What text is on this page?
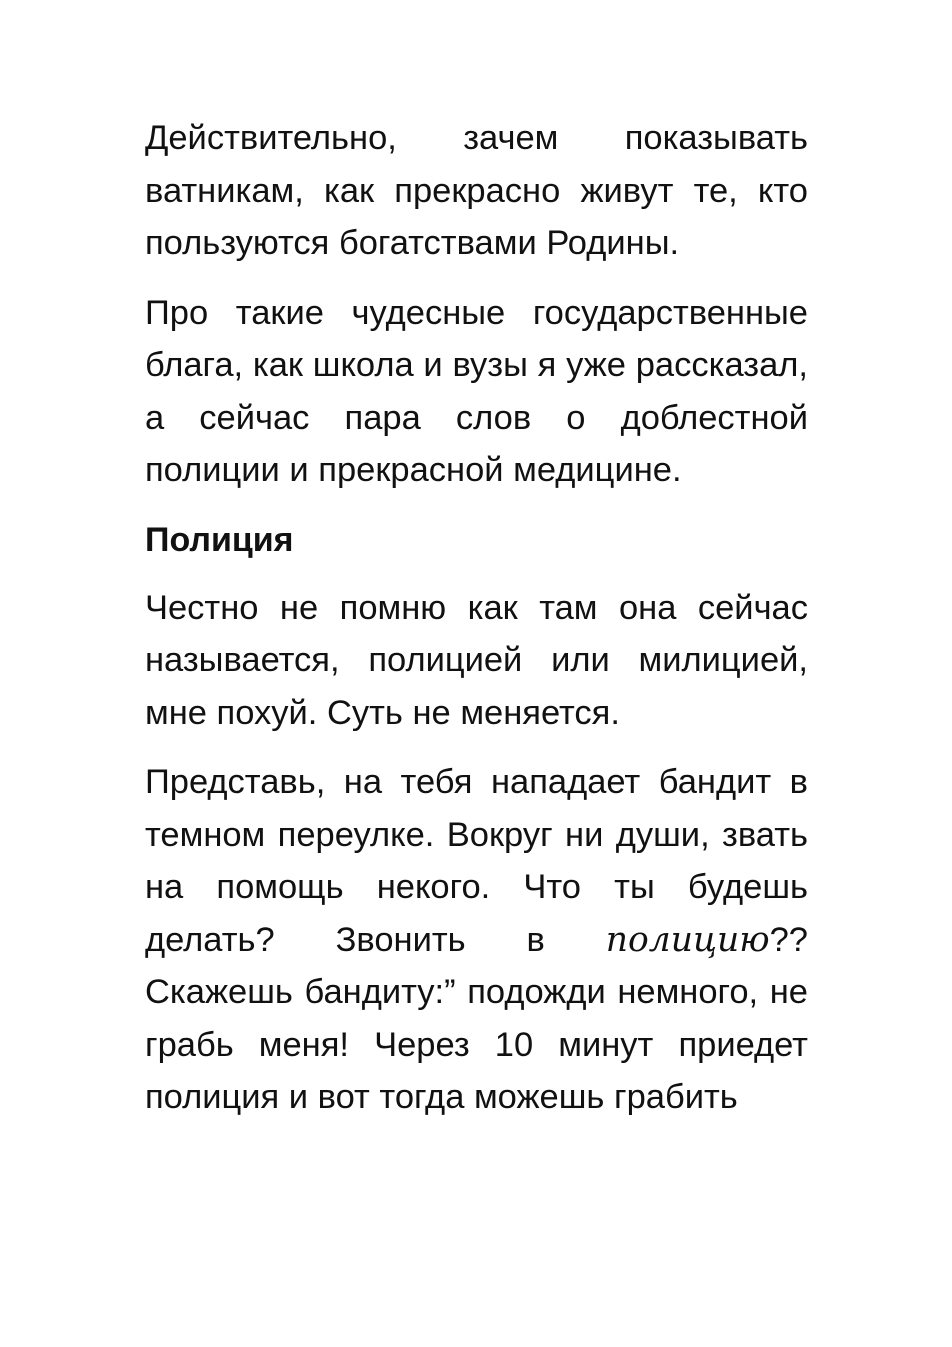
Действительно, зачем показывать ватникам, как прекрасно живут те, кто пользуются богатствами Родины.

Про такие чудесные государственные блага, как школа и вузы я уже рассказал, а сейчас пара слов о доблестной полиции и прекрасной медицине.

Полиция

Честно не помню как там она сейчас называется, полицией или милицией, мне похуй. Суть не меняется.

Представь, на тебя нападает бандит в темном переулке. Вокруг ни души, звать на помощь некого. Что ты будешь делать? Звонить в полицию?? Скажешь бандиту:” подожди немного, не грабь меня! Через 10 минут приедет полиция и вот тогда можешь грабить
